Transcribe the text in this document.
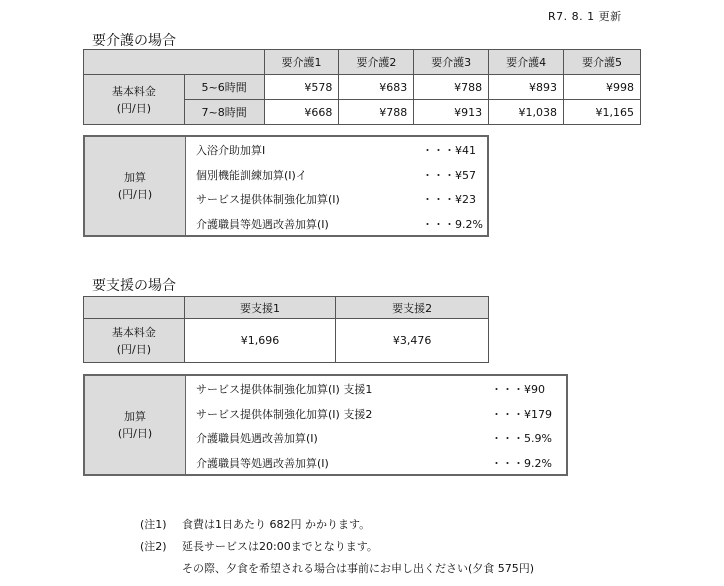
R7. 8. 1 更新
要介護の場合
		要介護1	要介護2	要介護3	要介護4	要介護5

基本料金
(円/日)	5~6時間	¥578	¥683	¥788	¥893	¥998
	7~8時間	¥668	¥788	¥913	¥1,038	¥1,165
加算
(円/日)
入浴介助加算Ⅰ	・・・¥41
個別機能訓練加算(Ⅰ)イ	・・・¥57
サービス提供体制強化加算(Ⅰ)	・・・¥23
介護職員等処遇改善加算(Ⅰ)	・・・9.2%
要支援の場合
	要支援1	要支援2

基本料金
(円/日)	¥1,696	¥3,476
加算
(円/日)
サービス提供体制強化加算(Ⅰ) 支援1	・・・¥90
サービス提供体制強化加算(Ⅰ) 支援2	・・・¥179
介護職員処遇改善加算(Ⅰ)	・・・5.9%
介護職員等処遇改善加算(Ⅰ)	・・・9.2%
(注1) 食費は1日あたり 682円 かかります。
(注2) 延長サービスは20:00までとなります。
その際、夕食を希望される場合は事前にお申し出ください(夕食 575円)
